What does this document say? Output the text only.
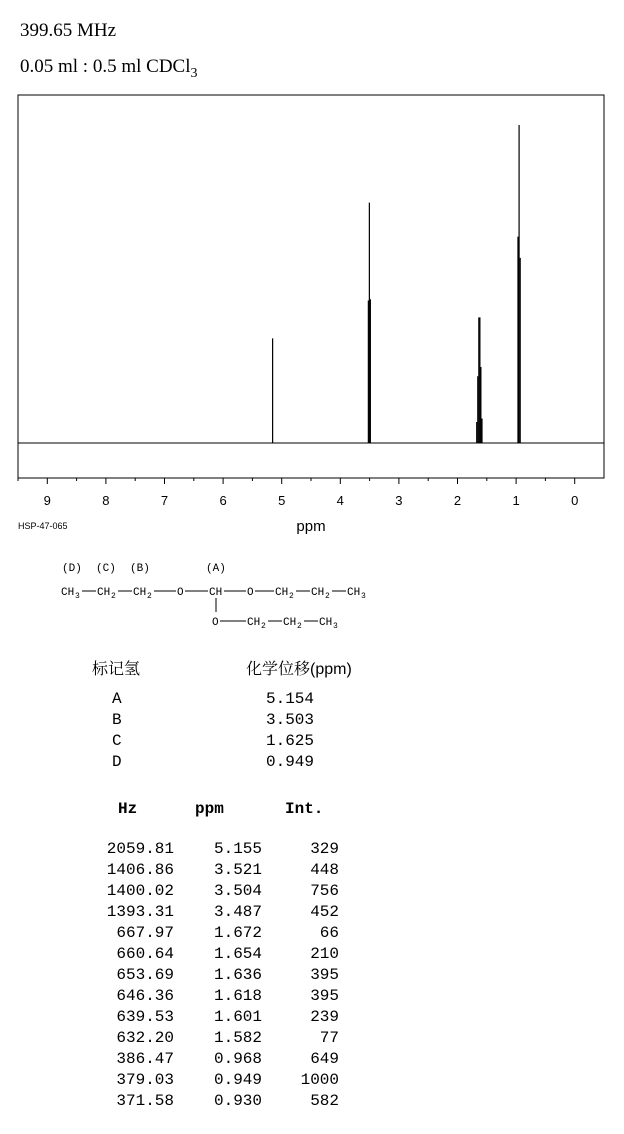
399.65 MHz
0.05 ml : 0.5 ml CDCl$_3$
9	8	7	6	5	4	3	2	1	0
ppm
HSP-47-065
(D) (C) (B)	(A)
CH 3 CH 2 CH 2 O CH O CH 2 CH 2 CH 3
O	CH 2 CH 2 CH 3
标记氢	化学位移(ppm)
A	5.154
B	3.503
C	1.625
D	0.949
Hz	ppm	Int.
2059.81	5.155	329
1406.86	3.521	448
1400.02	3.504	756
1393.31	3.487	452
667.97	1.672	66
660.64	1.654	210
653.69	1.636	395
646.36	1.618	395
639.53	1.601	239
632.20	1.582	77
386.47	0.968	649
379.03	0.949	1000
371.58	0.930	582
